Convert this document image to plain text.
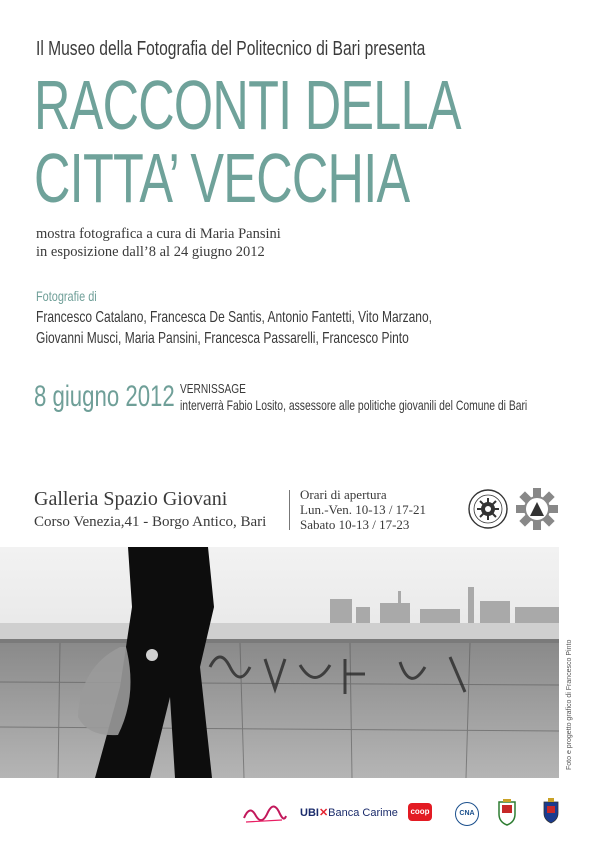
Il Museo della Fotografia del Politecnico di Bari presenta
RACCONTI DELLA
CITTA’ VECCHIA
mostra fotografica a cura di Maria Pansini
in esposizione dall’8 al 24 giugno 2012
Fotografie di
Francesco Catalano, Francesca De Santis, Antonio Fantetti, Vito Marzano,
Giovanni Musci, Maria Pansini, Francesca Passarelli, Francesco Pinto
8 giugno 2012 VERNISSAGE
interverrà Fabio Losito, assessore alle politiche giovanili del Comune di Bari
Galleria Spazio Giovani
Corso Venezia,41 - Borgo Antico, Bari
Orari di apertura
Lun.-Ven. 10-13 / 17-21
Sabato 10-13 / 17-23
Foto e progetto grafico di Francesco Pinto
UBI✕Banca Carime	coop	CNA
